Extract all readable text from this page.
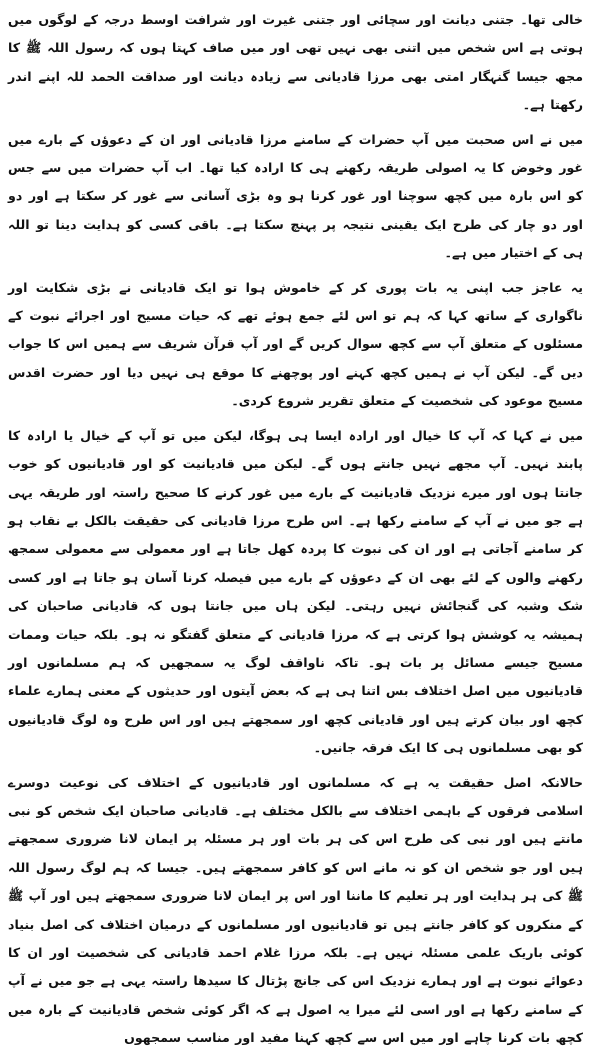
خالی تھا۔ جتنی دیانت اور سچائی اور جتنی غیرت اور شرافت اوسط درجہ کے لوگوں میں ہوتی ہے اس شخص میں اتنی بھی نہیں تھی اور میں صاف کہتا ہوں کہ رسول اللہ ﷺ کا مجھ جیسا گنہگار امتی بھی مرزا قادیانی سے زیادہ دیانت اور صداقت الحمد للہ اپنے اندر رکھتا ہے۔

میں نے اس صحبت میں آپ حضرات کے سامنے مرزا قادیانی اور ان کے دعوؤں کے بارے میں غور وخوض کا یہ اصولی طریقہ رکھنے ہی کا ارادہ کیا تھا۔ اب آپ حضرات میں سے جس کو اس بارہ میں کچھ سوچنا اور غور کرنا ہو وہ بڑی آسانی سے غور کر سکتا ہے اور دو اور دو چار کی طرح ایک یقینی نتیجہ پر پہنچ سکتا ہے۔ باقی کسی کو ہدایت دینا تو اللہ ہی کے اختیار میں ہے۔

یہ عاجز جب اپنی یہ بات پوری کر کے خاموش ہوا تو ایک قادیانی نے بڑی شکایت اور ناگواری کے ساتھ کہا کہ ہم تو اس لئے جمع ہوئے تھے کہ حیات مسیح اور اجرائے نبوت کے مسئلوں کے متعلق آپ سے کچھ سوال کریں گے اور آپ قرآن شریف سے ہمیں اس کا جواب دیں گے۔ لیکن آپ نے ہمیں کچھ کہنے اور پوچھنے کا موقع ہی نہیں دیا اور حضرت اقدس مسیح موعود کی شخصیت کے متعلق تقریر شروع کردی۔

میں نے کہا کہ آپ کا خیال اور ارادہ ایسا ہی ہوگا، لیکن میں تو آپ کے خیال یا ارادہ کا پابند نہیں۔ آپ مجھے نہیں جانتے ہوں گے۔ لیکن میں قادیانیت کو اور قادیانیوں کو خوب جانتا ہوں اور میرے نزدیک قادیانیت کے بارے میں غور کرنے کا صحیح راستہ اور طریقہ یہی ہے جو میں نے آپ کے سامنے رکھا ہے۔ اس طرح مرزا قادیانی کی حقیقت بالکل بے نقاب ہو کر سامنے آجاتی ہے اور ان کی نبوت کا پردہ کھل جاتا ہے اور معمولی سے معمولی سمجھ رکھنے والوں کے لئے بھی ان کے دعوؤں کے بارے میں فیصلہ کرنا آسان ہو جاتا ہے اور کسی شک وشبہ کی گنجائش نہیں رہتی۔ لیکن ہاں میں جانتا ہوں کہ قادیانی صاحبان کی ہمیشہ یہ کوشش ہوا کرتی ہے کہ مرزا قادیانی کے متعلق گفتگو نہ ہو۔ بلکہ حیات وممات مسیح جیسے مسائل پر بات ہو۔ تاکہ ناواقف لوگ یہ سمجھیں کہ ہم مسلمانوں اور قادیانیوں میں اصل اختلاف بس اتنا ہی ہے کہ بعض آیتوں اور حدیثوں کے معنی ہمارے علماء کچھ اور بیان کرتے ہیں اور قادیانی کچھ اور سمجھتے ہیں اور اس طرح وہ لوگ قادیانیوں کو بھی مسلمانوں ہی کا ایک فرقہ جانیں۔

حالانکہ اصل حقیقت یہ ہے کہ مسلمانوں اور قادیانیوں کے اختلاف کی نوعیت دوسرے اسلامی فرقوں کے باہمی اختلاف سے بالکل مختلف ہے۔ قادیانی صاحبان ایک شخص کو نبی مانتے ہیں اور نبی کی طرح اس کی ہر بات اور ہر مسئلہ پر ایمان لانا ضروری سمجھتے ہیں اور جو شخص ان کو نہ مانے اس کو کافر سمجھتے ہیں۔ جیسا کہ ہم لوگ رسول اللہ ﷺ کی ہر ہدایت اور ہر تعلیم کا ماننا اور اس پر ایمان لانا ضروری سمجھتے ہیں اور آپ ﷺ کے منکروں کو کافر جانتے ہیں تو قادیانیوں اور مسلمانوں کے درمیان اختلاف کی اصل بنیاد کوئی باریک علمی مسئلہ نہیں ہے۔ بلکہ مرزا غلام احمد قادیانی کی شخصیت اور ان کا دعوائے نبوت ہے اور ہمارے نزدیک اس کی جانچ پڑتال کا سیدھا راستہ یہی ہے جو میں نے آپ کے سامنے رکھا ہے اور اسی لئے میرا یہ اصول ہے کہ اگر کوئی شخص قادیانیت کے بارہ میں کچھ بات کرنا چاہے اور میں اس سے کچھ کہنا مفید اور مناسب سمجھوں
